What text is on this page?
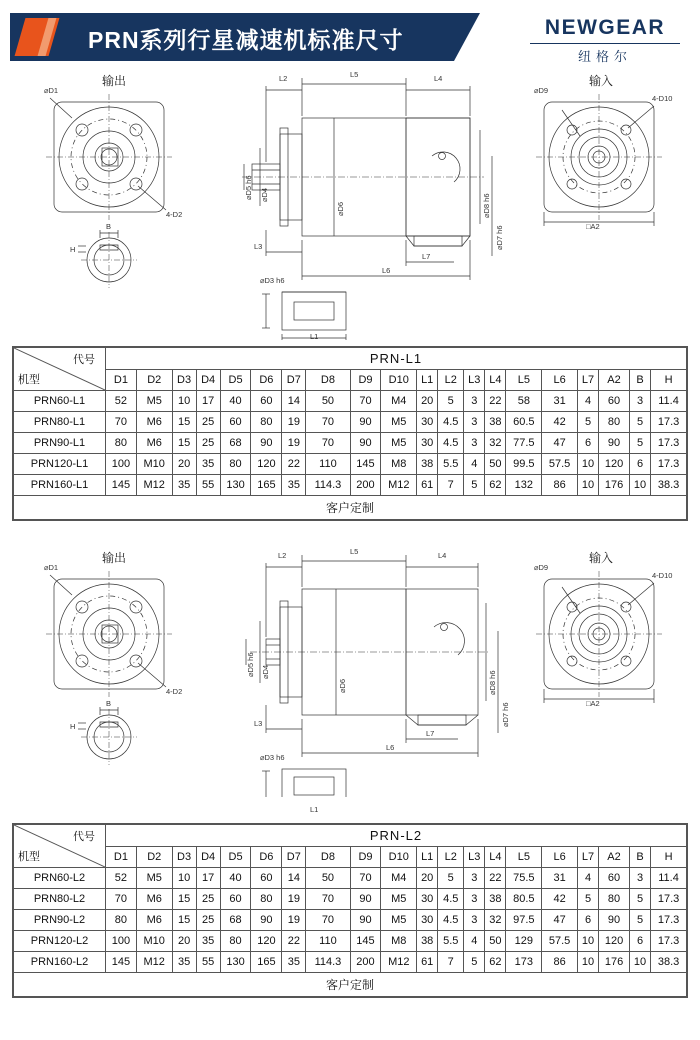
PRN系列行星减速机标准尺寸	NEWGEAR
纽格尔
输出	输入
⌀D1
4-D2
B
H
L2	L5	L4
⌀D5 h6 ⌀D4
⌀D6	⌀D8 h6
⌀D7 h6
L3
L7
L6
⌀D3 h6
L1
⌀D9
4-D10
□A2
代号
机型	PRN-L1																			
	D1	D2	D3	D4	D5	D6	D7	D8	D9	D10	L1	L2	L3	L4	L5	L6	L7	A2	B	H
PRN60-L1	52	M5	10	17	40	60	14	50	70	M4	20	5	3	22	58	31	4	60	3	11.4
PRN80-L1	70	M6	15	25	60	80	19	70	90	M5	30	4.5	3	38	60.5	42	5	80	5	17.3
PRN90-L1	80	M6	15	25	68	90	19	70	90	M5	30	4.5	3	32	77.5	47	6	90	5	17.3
PRN120-L1	100	M10	20	35	80	120	22	110	145	M8	38	5.5	4	50	99.5	57.5	10	120	6	17.3
PRN160-L1	145	M12	35	55	130	165	35	114.3	200	M12	61	7	5	62	132	86	10	176	10	38.3
客户定制																				
输出	输入
⌀D1
4-D2
B
H
L2	L5	L4
⌀D5 h6 ⌀D4
⌀D6	⌀D8 h6
⌀D7 h6
L3
L7
L6
⌀D3 h6
L1
⌀D9
4-D10
□A2
代号
机型	PRN-L2																			
	D1	D2	D3	D4	D5	D6	D7	D8	D9	D10	L1	L2	L3	L4	L5	L6	L7	A2	B	H
PRN60-L2	52	M5	10	17	40	60	14	50	70	M4	20	5	3	22	75.5	31	4	60	3	11.4
PRN80-L2	70	M6	15	25	60	80	19	70	90	M5	30	4.5	3	38	80.5	42	5	80	5	17.3
PRN90-L2	80	M6	15	25	68	90	19	70	90	M5	30	4.5	3	32	97.5	47	6	90	5	17.3
PRN120-L2	100	M10	20	35	80	120	22	110	145	M8	38	5.5	4	50	129	57.5	10	120	6	17.3
PRN160-L2	145	M12	35	55	130	165	35	114.3	200	M12	61	7	5	62	173	86	10	176	10	38.3
客户定制																				
